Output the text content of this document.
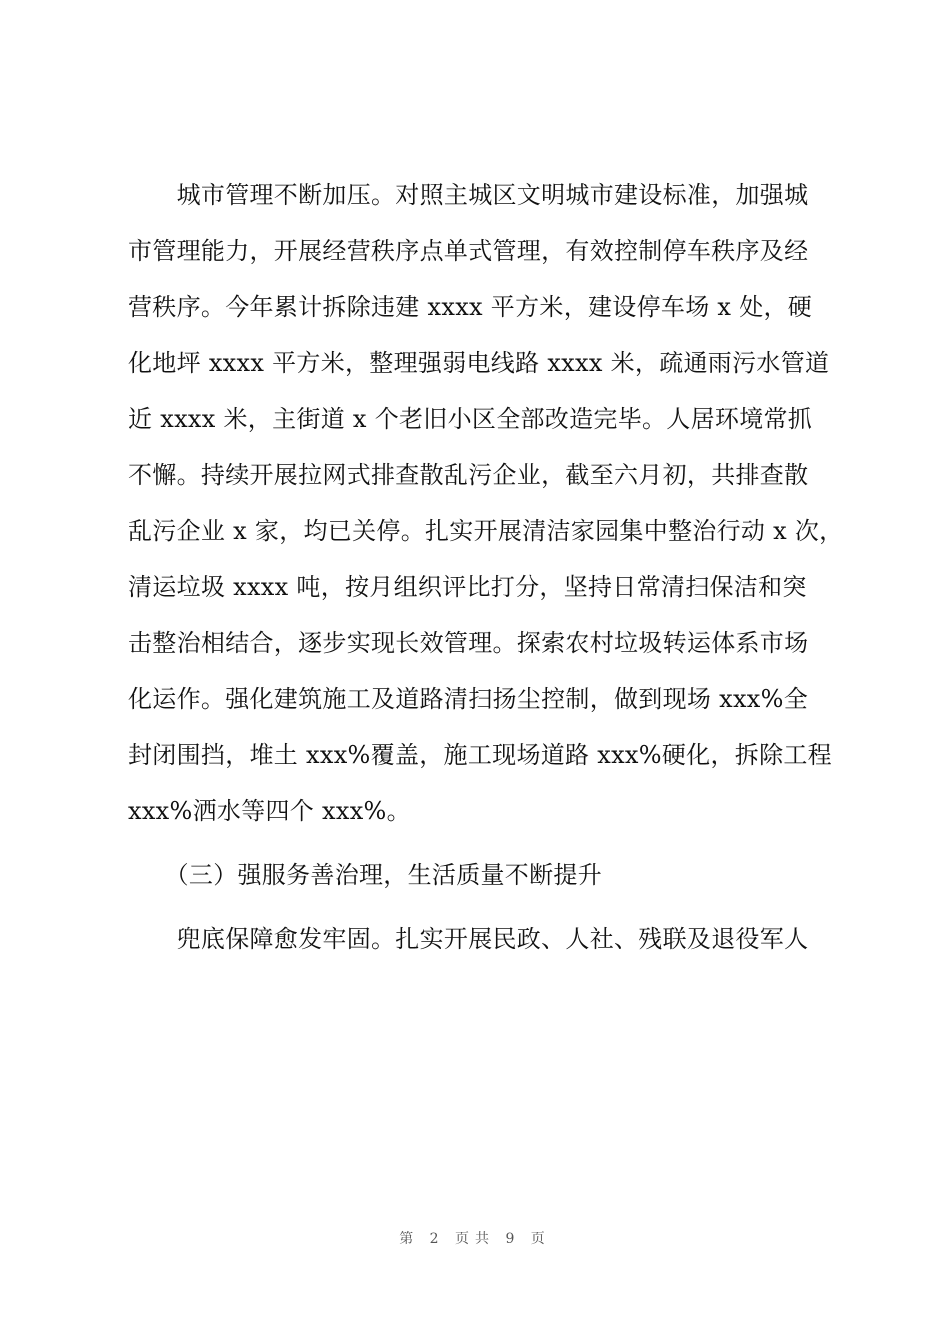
　　城市管理不断加压。对照主城区文明城市建设标准，加强城
市管理能力，开展经营秩序点单式管理，有效控制停车秩序及经
营秩序。今年累计拆除违建 xxxx 平方米，建设停车场 x 处，硬
化地坪 xxxx 平方米，整理强弱电线路 xxxx 米，疏通雨污水管道
近 xxxx 米，主街道 x 个老旧小区全部改造完毕。人居环境常抓
不懈。持续开展拉网式排查散乱污企业，截至六月初，共排查散
乱污企业 x 家，均已关停。扎实开展清洁家园集中整治行动 x 次，
清运垃圾 xxxx 吨，按月组织评比打分，坚持日常清扫保洁和突
击整治相结合，逐步实现长效管理。探索农村垃圾转运体系市场
化运作。强化建筑施工及道路清扫扬尘控制，做到现场 xxx%全
封闭围挡，堆土 xxx%覆盖，施工现场道路 xxx%硬化，拆除工程
xxx%洒水等四个 xxx%。
　　（三）强服务善治理，生活质量不断提升
　　兜底保障愈发牢固。扎实开展民政、人社、残联及退役军人
第 2 页共 9 页
